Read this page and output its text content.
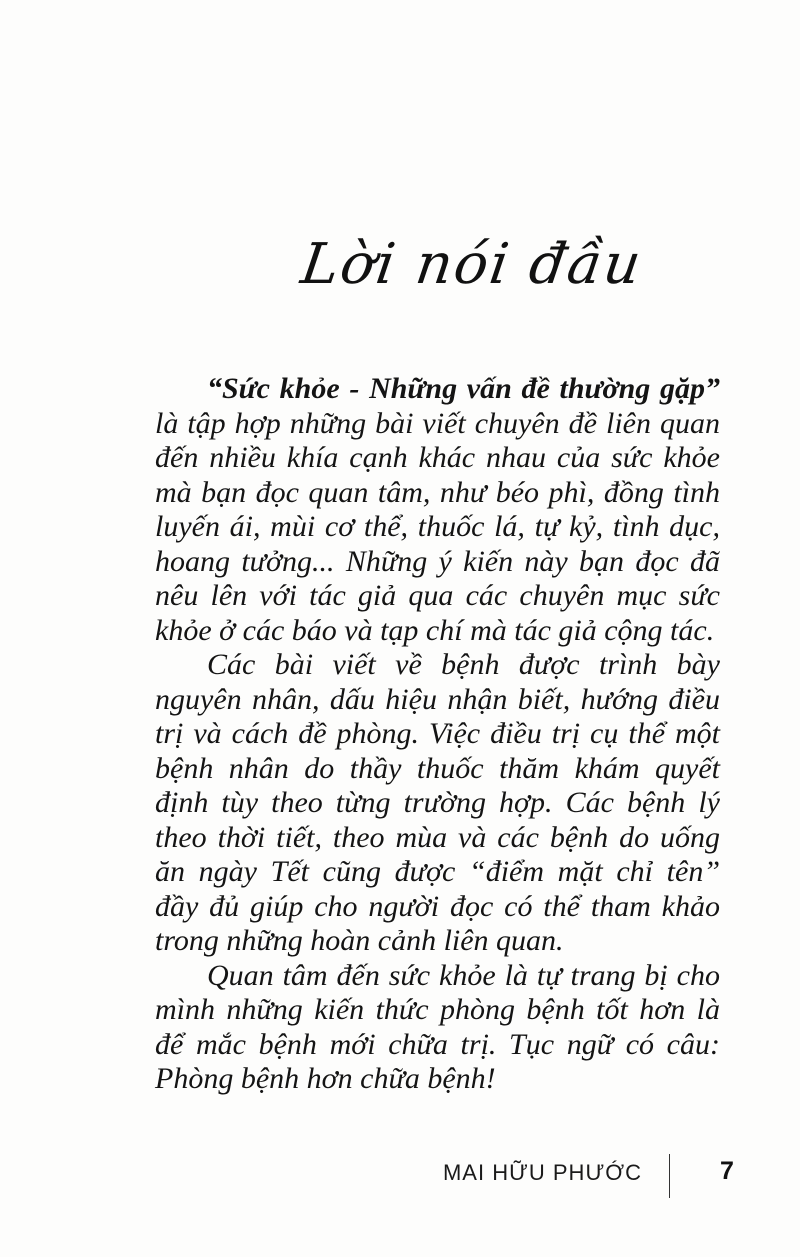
Lời nói đầu

“Sức khỏe - Những vấn đề thường gặp” là tập hợp những bài viết chuyên đề liên quan đến nhiều khía cạnh khác nhau của sức khỏe mà bạn đọc quan tâm, như béo phì, đồng tình luyến ái, mùi cơ thể, thuốc lá, tự kỷ, tình dục, hoang tưởng... Những ý kiến này bạn đọc đã nêu lên với tác giả qua các chuyên mục sức khỏe ở các báo và tạp chí mà tác giả cộng tác.

Các bài viết về bệnh được trình bày nguyên nhân, dấu hiệu nhận biết, hướng điều trị và cách đề phòng. Việc điều trị cụ thể một bệnh nhân do thầy thuốc thăm khám quyết định tùy theo từng trường hợp. Các bệnh lý theo thời tiết, theo mùa và các bệnh do uống ăn ngày Tết cũng được “điểm mặt chỉ tên” đầy đủ giúp cho người đọc có thể tham khảo trong những hoàn cảnh liên quan.

Quan tâm đến sức khỏe là tự trang bị cho mình những kiến thức phòng bệnh tốt hơn là để mắc bệnh mới chữa trị. Tục ngữ có câu: Phòng bệnh hơn chữa bệnh!

MAI HỮU PHƯỚC	7
